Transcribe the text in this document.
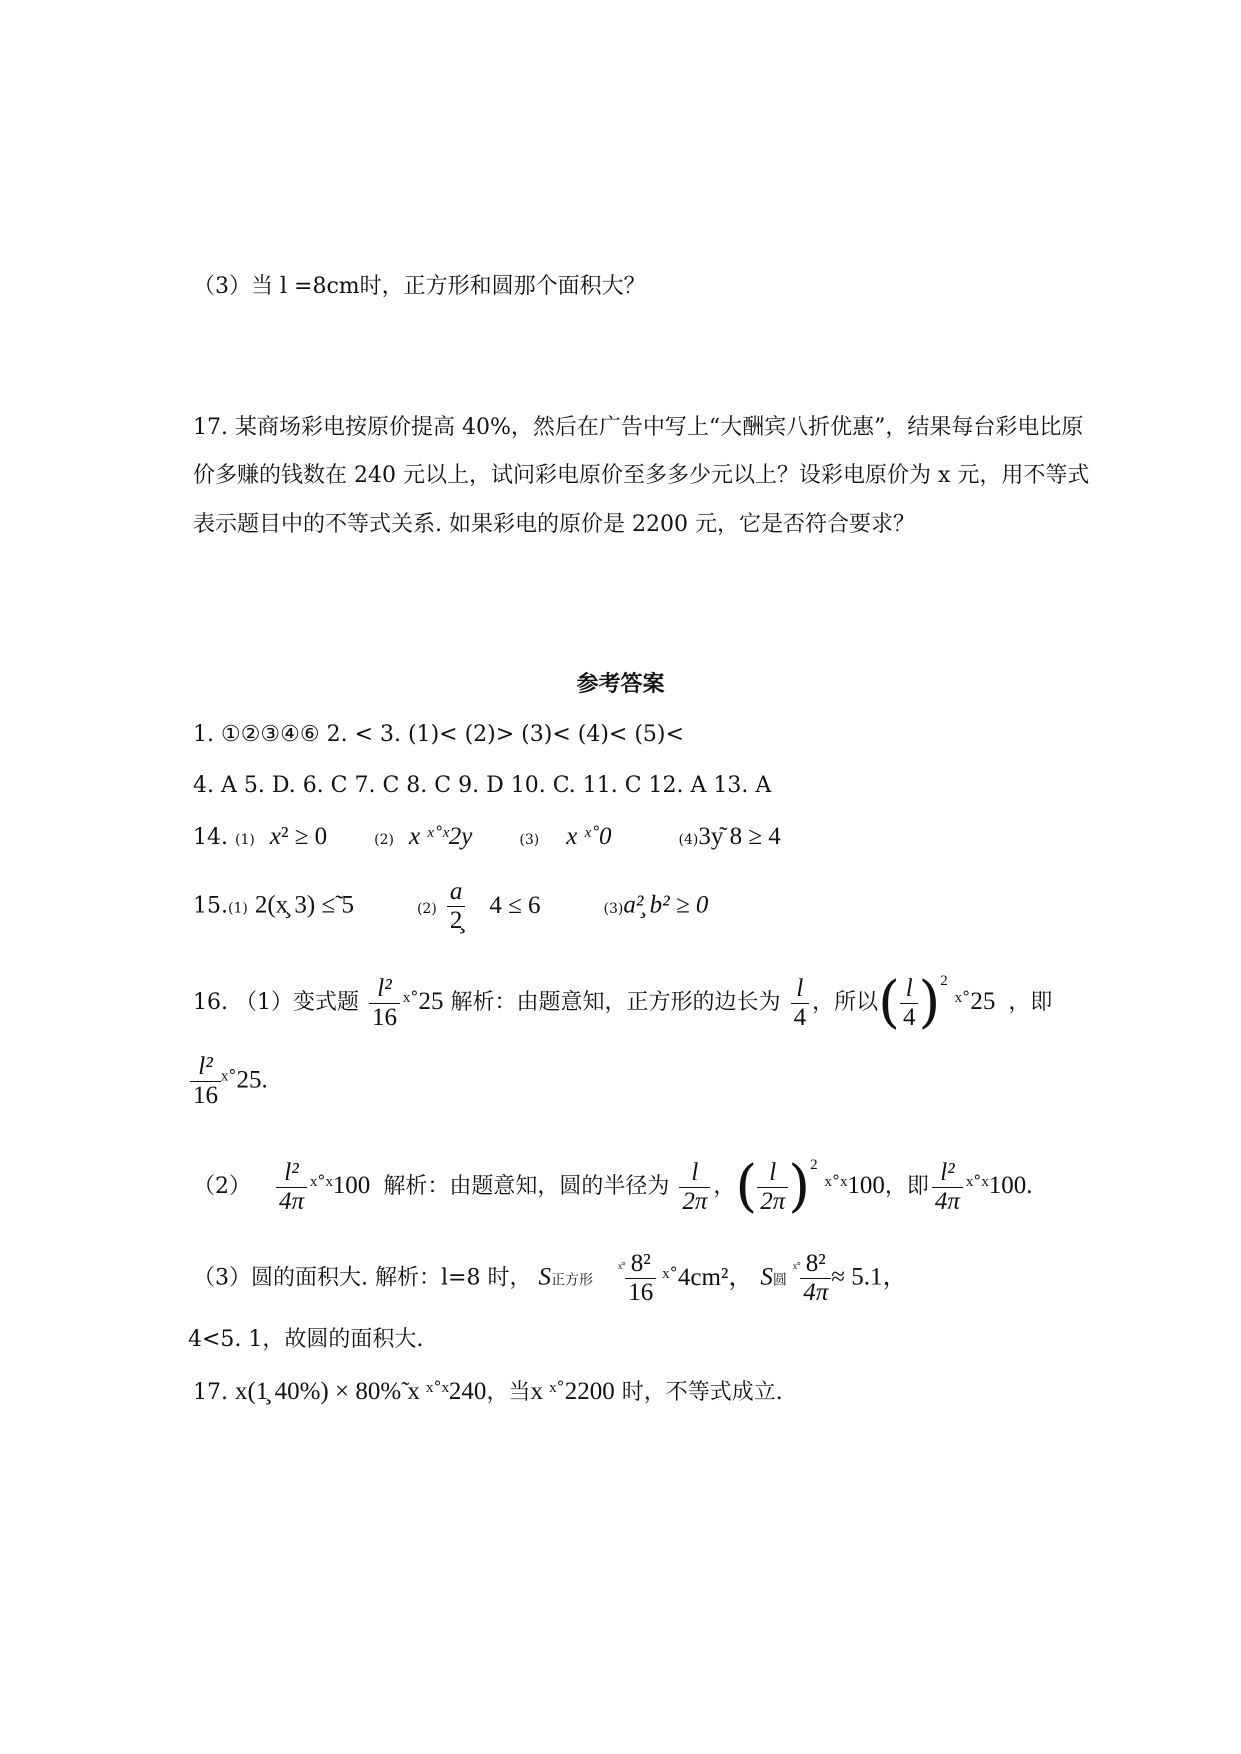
（3）当 l =8cm时，正方形和圆那个面积大？
17. 某商场彩电按原价提高 40%，然后在广告中写上“大酬宾八折优惠”，结果每台彩电比原
价多赚的钱数在 240 元以上，试问彩电原价至多多少元以上？设彩电原价为 x 元，用不等式
表示题目中的不等式关系. 如果彩电的原价是 2200 元，它是否符合要求？
参考答案
1. ①②③④⑥ 2. < 3. (1)< (2)> (3)< (4)< (5)<
4. A 5. D. 6. C 7. C 8. C 9. D 10. C. 11. C 12. A 13. A
14. (1) x² ≥ 0	(2) x ˣ˚ˣ2y	(3) x ˣ˚0	(4)3y͂ 8 ≥ 4
15.(1) 2(x̧ 3) ≤̃ 5	$(2) \frac{a}{2̧} 4 \le 6$	(3)a²̧ b² ≥ 0
16. （1）变式题 $\frac{\text{l²}}{16}$ ˣ˚25 解析：由题意知，正方形的边长为 $\frac{l}{4}$ ，所以( $\frac{l}{4} )^2$ ˣ˚25 ，即
$\frac{\text{l²}}{16}$ ˣ˚25.
$(2) \frac{\text{l²}}{4\pi}$ ˣ˚ˣ100 解析：由题意知，圆的半径为 $\frac{l}{2\pi}$ ，( $\frac{l}{2\pi} )^2$ ˣ˚ˣ100，即 $\frac{\text{l²}}{4\pi}$ ˣ˚ˣ100.
（3）圆的面积大. 解析：l=8 时， S正方形 $^{ˣ˚} \frac{\text{8²}}{16}$ ˣ˚4cm²， S圆$^{ˣ˚} \frac{\text{8²}}{4\pi} \approx 5.1$，
4<5. 1，故圆的面积大.
17. x(1̧ 40%) × 80%̃ x ˣ˚ˣ240，当x ˣ˚2200 时，不等式成立.
